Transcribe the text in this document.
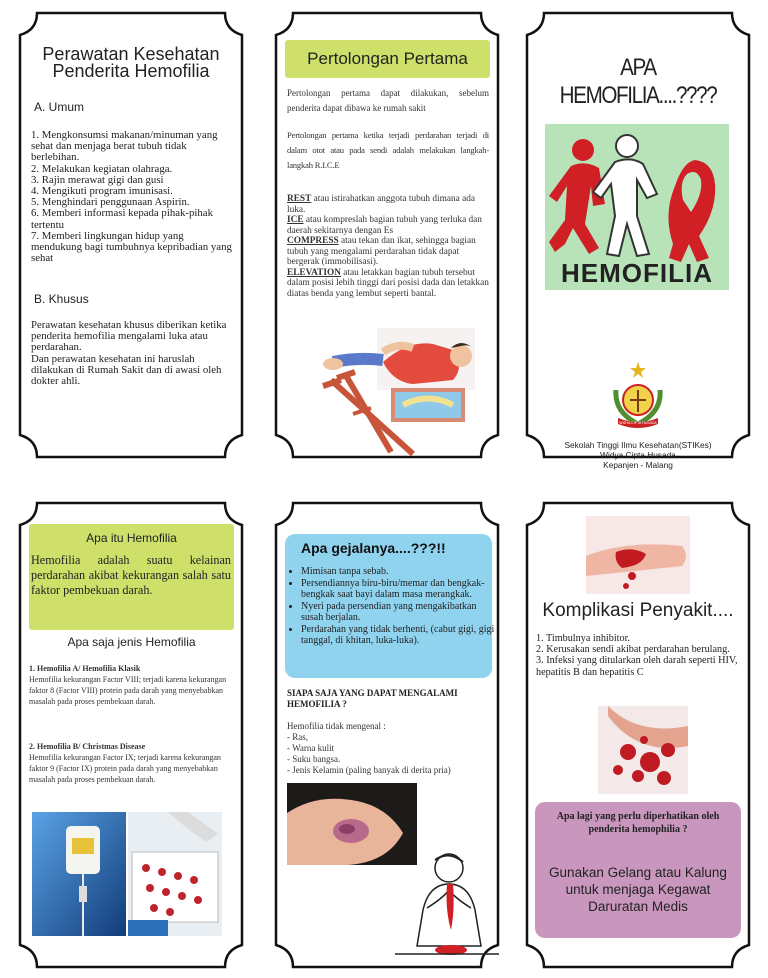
Perawatan Kesehatan Penderita Hemofilia
A. Umum

1. Mengkonsumsi makanan/minuman yang sehat dan menjaga berat tubuh tidak berlebihan.

2. Melakukan kegiatan olahraga.

3. Rajin merawat gigi dan gusi

4. Mengikuti program imunisasi.

5. Menghindari penggunaan Aspirin.

6. Memberi informasi kepada pihak-pihak tertentu

7. Memberi lingkungan hidup yang mendukung bagi tumbuhnya kepribadian yang sehat

B. Khusus

Perawatan kesehatan khusus diberikan ketika penderita hemofilia mengalami luka atau perdarahan.

Dan perawatan kesehatan ini haruslah dilakukan di Rumah Sakit dan di awasi oleh dokter ahli.

Pertolongan Pertama

Pertolongan pertama dapat dilakukan, sebelum penderita dapat dibawa ke rumah sakit

Pertolongan pertama ketika terjadi perdarahan terjadi di dalam otot atau pada sendi adalah melakukan langkah-langkah R.I.C.E

REST atau istirahatkan anggota tubuh dimana ada luka.

ICE atau kompreslah bagian tubuh yang terluka dan daerah sekitarnya dengan Es

COMPRESS atau tekan dan ikat, sehingga bagian tubuh yang mengalami perdarahan tidak dapat bergerak (immobilisasi).

ELEVATION atau letakkan bagian tubuh tersebut dalam posisi lebih tinggi dari posisi dada dan letakkan diatas benda yang lembut seperti bantal.

APA HEMOFILIA....????
HEMOFILIA
WIDYA CIPTA HUSADA
Sekolah Tinggi Ilmu Kesehatan(STIKes)
Widya Cipta Husada
Kepanjen - Malang
Apa itu Hemofilia

Hemofilia adalah suatu kelainan perdarahan akibat kekurangan salah satu faktor pembekuan darah.

Apa saja jenis Hemofilia

1. Hemofilia A/ Hemofilia Klasik

Hemofilia kekurangan Factor VIII; terjadi karena kekurangan faktor 8 (Factor VIII) protein pada darah yang menyebabkan masalah pada proses pembekuan darah.

2. Hemofilia B/ Christmas Disease

Hemofilia kekurangan Factor IX; terjadi karena kekurangan faktor 9 (Factor IX) protein pada darah yang menyebabkan masalah pada proses pembekuan darah.

Apa gejalanya....???!!
• Mimisan tanpa sebab.
• Persendiannya biru-biru/memar dan bengkak-bengkak saat bayi dalam masa merangkak.
• Nyeri pada persendian yang mengakibatkan susah berjalan.
• Perdarahan yang tidak berhenti, (cabut gigi, gigi tanggal, di khitan, luka-luka).

SIAPA SAJA YANG DAPAT MENGALAMI HEMOFILIA ?

Hemofilia tidak mengenal :

- Ras,

- Warna kulit

- Suku bangsa.

- Jenis Kelamin (paling banyak di derita pria)

Komplikasi Penyakit....

1. Timbulnya inhibitor.

2. Kerusakan sendi akibat perdarahan berulang.

3. Infeksi yang ditularkan oleh darah seperti HIV, hepatitis B dan hepatitis C

Apa lagi yang perlu diperhatikan oleh penderita hemophilia ?

Gunakan Gelang atau Kalung untuk menjaga Kegawat Daruratan Medis
